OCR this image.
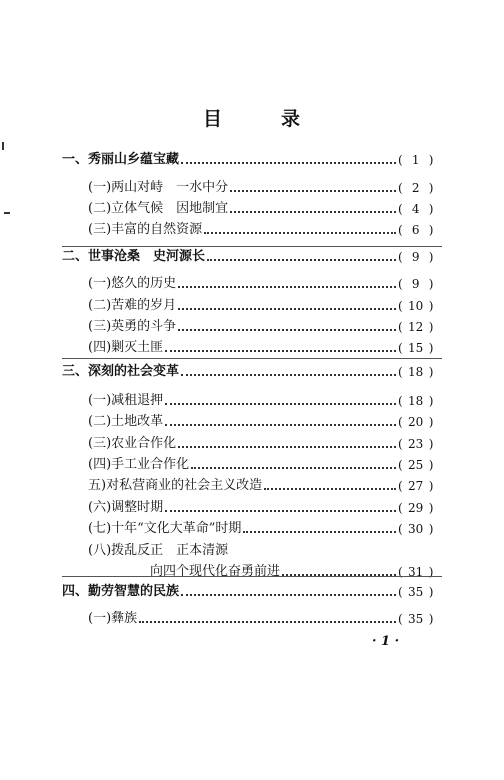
目	录
一、秀丽山乡蕴宝藏	( 1 )
(一)两山对峙　一水中分	( 2 )
(二)立体气候　因地制宜	( 4 )
(三)丰富的自然资源	( 6 )
二、世事沧桑　史河源长	( 9 )
(一)悠久的历史	( 9 )
(二)苦难的岁月	( 10 )
(三)英勇的斗争	( 12 )
(四)剿灭土匪	( 15 )
三、深刻的社会变革	( 18 )
(一)减租退押	( 18 )
(二)土地改革	( 20 )
(三)农业合作化	( 23 )
(四)手工业合作化	( 25 )
五)对私营商业的社会主义改造	( 27 )
(六)调整时期	( 29 )
(七)十年“文化大革命”时期	( 30 )
(八)拨乱反正　正本清源
向四个现代化奋勇前进	( 31 )
四、勤劳智慧的民族	( 35 )
(一)彝族	( 35 )
· 1 ·
